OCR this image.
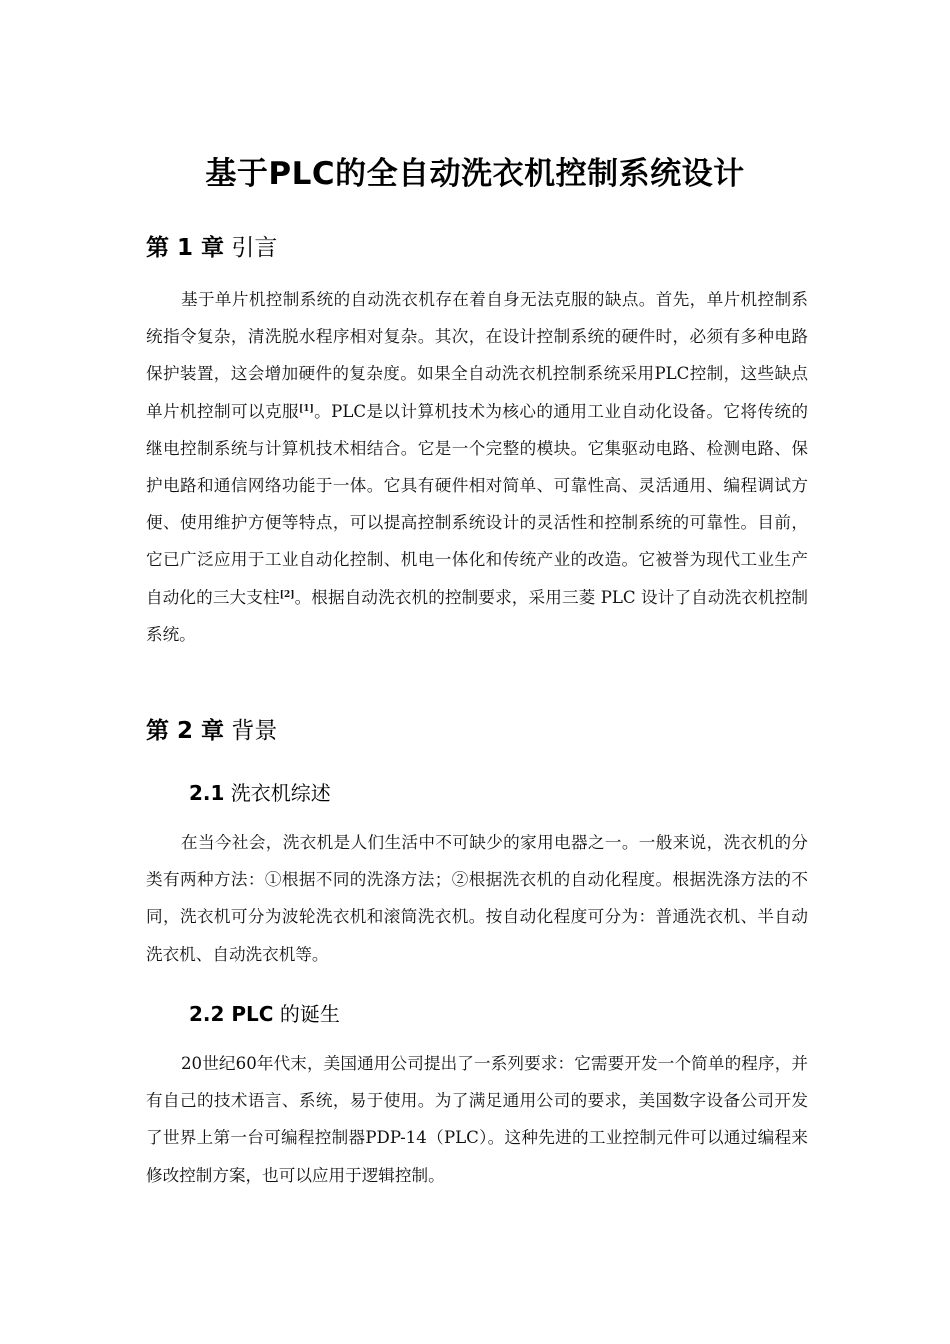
基于PLC的全自动洗衣机控制系统设计
第 1 章 引言

基于单片机控制系统的自动洗衣机存在着自身无法克服的缺点。首先，单片机控制系统指令复杂，清洗脱水程序相对复杂。其次，在设计控制系统的硬件时，必须有多种电路保护装置，这会增加硬件的复杂度。如果全自动洗衣机控制系统采用PLC控制，这些缺点单片机控制可以克服[1]。PLC是以计算机技术为核心的通用工业自动化设备。它将传统的继电控制系统与计算机技术相结合。它是一个完整的模块。它集驱动电路、检测电路、保护电路和通信网络功能于一体。它具有硬件相对简单、可靠性高、灵活通用、编程调试方便、使用维护方便等特点，可以提高控制系统设计的灵活性和控制系统的可靠性。目前，它已广泛应用于工业自动化控制、机电一体化和传统产业的改造。它被誉为现代工业生产自动化的三大支柱[2]。根据自动洗衣机的控制要求，采用三菱 PLC 设计了自动洗衣机控制系统。

第 2 章 背景
2.1 洗衣机综述

在当今社会，洗衣机是人们生活中不可缺少的家用电器之一。一般来说，洗衣机的分类有两种方法：①根据不同的洗涤方法；②根据洗衣机的自动化程度。根据洗涤方法的不同，洗衣机可分为波轮洗衣机和滚筒洗衣机。按自动化程度可分为：普通洗衣机、半自动洗衣机、自动洗衣机等。

2.2 PLC 的诞生

20世纪60年代末，美国通用公司提出了一系列要求：它需要开发一个简单的程序，并有自己的技术语言、系统，易于使用。为了满足通用公司的要求，美国数字设备公司开发了世界上第一台可编程控制器PDP-14（PLC）。这种先进的工业控制元件可以通过编程来修改控制方案，也可以应用于逻辑控制。
